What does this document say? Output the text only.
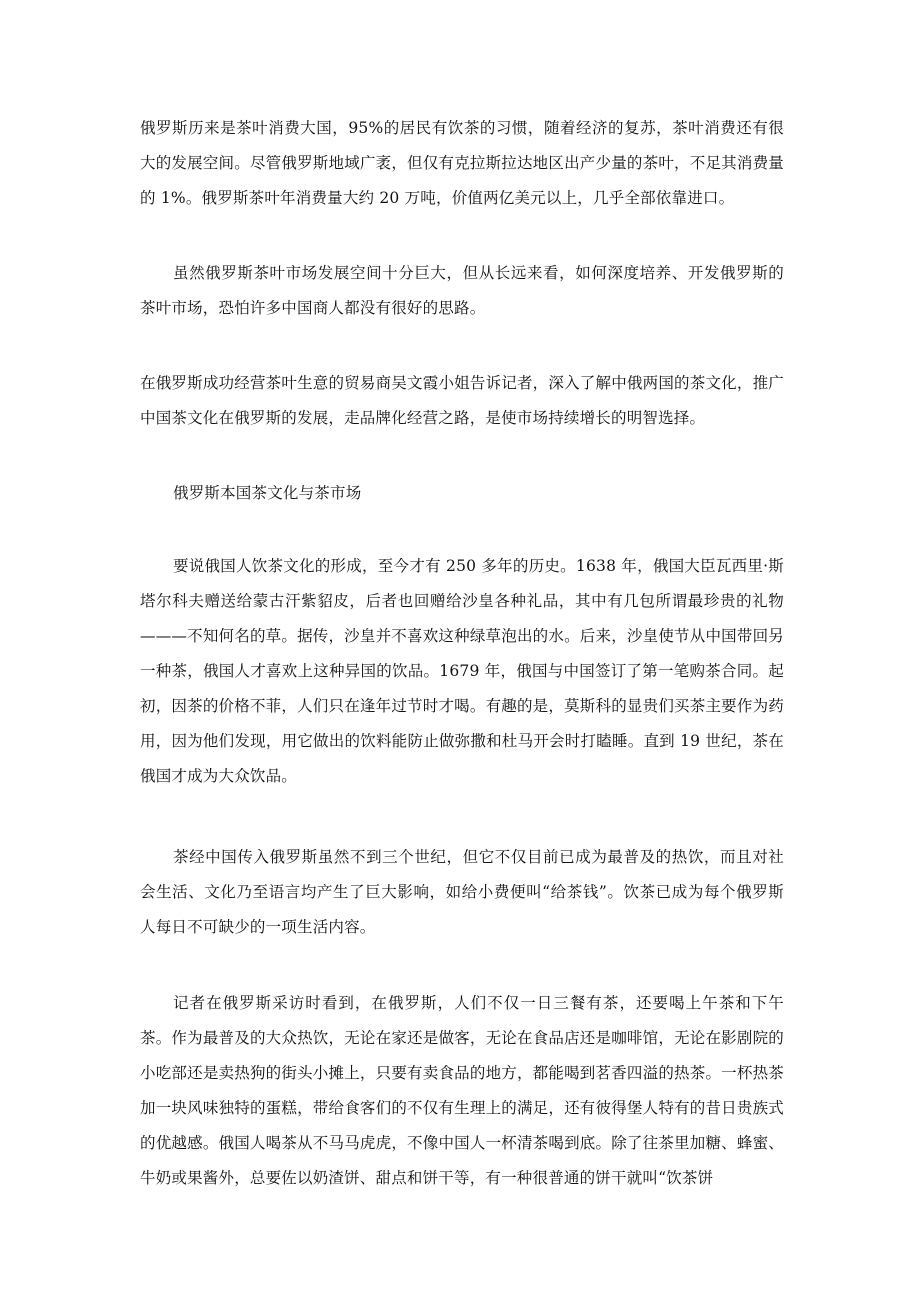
俄罗斯历来是茶叶消费大国，95%的居民有饮茶的习惯，随着经济的复苏，茶叶消费还有很大的发展空间。尽管俄罗斯地域广袤，但仅有克拉斯拉达地区出产少量的茶叶，不足其消费量的 1%。俄罗斯茶叶年消费量大约 20 万吨，价值两亿美元以上，几乎全部依靠进口。

虽然俄罗斯茶叶市场发展空间十分巨大，但从长远来看，如何深度培养、开发俄罗斯的茶叶市场，恐怕许多中国商人都没有很好的思路。

在俄罗斯成功经营茶叶生意的贸易商吴文霞小姐告诉记者，深入了解中俄两国的茶文化，推广中国茶文化在俄罗斯的发展，走品牌化经营之路，是使市场持续增长的明智选择。

俄罗斯本国茶文化与茶市场

要说俄国人饮茶文化的形成，至今才有 250 多年的历史。1638 年，俄国大臣瓦西里·斯塔尔科夫赠送给蒙古汗紫貂皮，后者也回赠给沙皇各种礼品，其中有几包所谓最珍贵的礼物———不知何名的草。据传，沙皇并不喜欢这种绿草泡出的水。后来，沙皇使节从中国带回另一种茶，俄国人才喜欢上这种异国的饮品。1679 年，俄国与中国签订了第一笔购茶合同。起初，因茶的价格不菲，人们只在逢年过节时才喝。有趣的是，莫斯科的显贵们买茶主要作为药用，因为他们发现，用它做出的饮料能防止做弥撒和杜马开会时打瞌睡。直到 19 世纪，茶在俄国才成为大众饮品。

茶经中国传入俄罗斯虽然不到三个世纪，但它不仅目前已成为最普及的热饮，而且对社会生活、文化乃至语言均产生了巨大影响，如给小费便叫“给茶钱”。饮茶已成为每个俄罗斯人每日不可缺少的一项生活内容。

记者在俄罗斯采访时看到，在俄罗斯，人们不仅一日三餐有茶，还要喝上午茶和下午茶。作为最普及的大众热饮，无论在家还是做客，无论在食品店还是咖啡馆，无论在影剧院的小吃部还是卖热狗的街头小摊上，只要有卖食品的地方，都能喝到茗香四溢的热茶。一杯热茶加一块风味独特的蛋糕，带给食客们的不仅有生理上的满足，还有彼得堡人特有的昔日贵族式的优越感。俄国人喝茶从不马马虎虎，不像中国人一杯清茶喝到底。除了往茶里加糖、蜂蜜、牛奶或果酱外，总要佐以奶渣饼、甜点和饼干等，有一种很普通的饼干就叫“饮茶饼
